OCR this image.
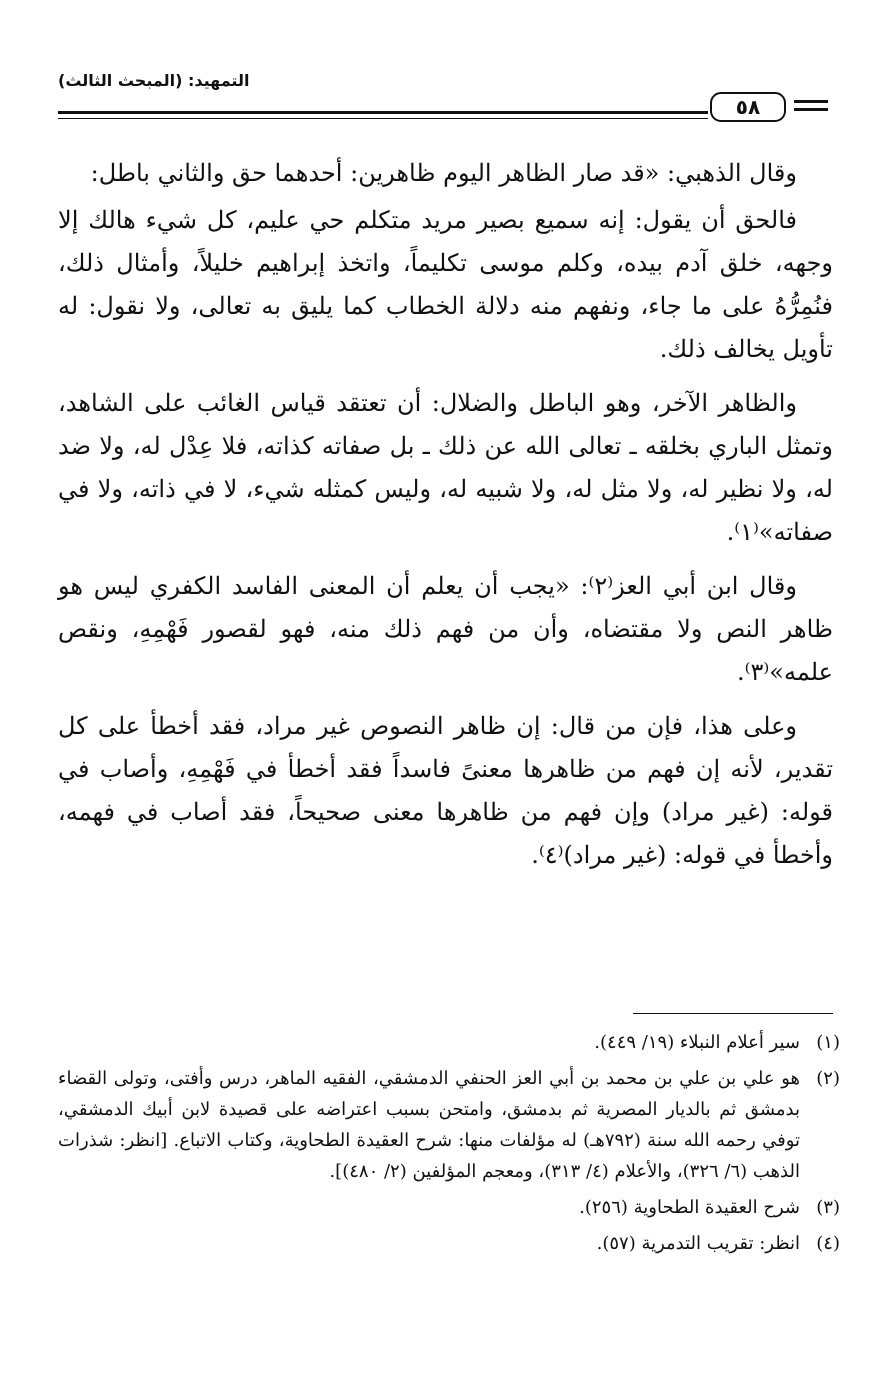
التمهيد: (المبحث الثالث)
٥٨

وقال الذهبي: «قد صار الظاهر اليوم ظاهرين: أحدهما حق والثاني باطل:

فالحق أن يقول: إنه سميع بصير مريد متكلم حي عليم، كل شيء هالك إلا وجهه، خلق آدم بيده، وكلم موسى تكليماً، واتخذ إبراهيم خليلاً، وأمثال ذلك، فنُمِرُّهُ على ما جاء، ونفهم منه دلالة الخطاب كما يليق به تعالى، ولا نقول: له تأويل يخالف ذلك.

والظاهر الآخر، وهو الباطل والضلال: أن تعتقد قياس الغائب على الشاهد، وتمثل الباري بخلقه ـ تعالى الله عن ذلك ـ بل صفاته كذاته، فلا عِدْل له، ولا ضد له، ولا نظير له، ولا مثل له، ولا شبيه له، وليس كمثله شيء، لا في ذاته، ولا في صفاته»⁽١⁾.

وقال ابن أبي العز⁽٢⁾: «يجب أن يعلم أن المعنى الفاسد الكفري ليس هو ظاهر النص ولا مقتضاه، وأن من فهم ذلك منه، فهو لقصور فَهْمِهِ، ونقص علمه»⁽٣⁾.

وعلى هذا، فإن من قال: إن ظاهر النصوص غير مراد، فقد أخطأ على كل تقدير، لأنه إن فهم من ظاهرها معنىً فاسداً فقد أخطأ في فَهْمِهِ، وأصاب في قوله: (غير مراد) وإن فهم من ظاهرها معنى صحيحاً، فقد أصاب في فهمه، وأخطأ في قوله: (غير مراد)⁽٤⁾.

(١)
سير أعلام النبلاء (١٩/ ٤٤٩).
(٢)
هو علي بن علي بن محمد بن أبي العز الحنفي الدمشقي، الفقيه الماهر، درس وأفتى، وتولى القضاء بدمشق ثم بالديار المصرية ثم بدمشق، وامتحن بسبب اعتراضه على قصيدة لابن أبيك الدمشقي، توفي رحمه الله سنة (٧٩٢هـ) له مؤلفات منها: شرح العقيدة الطحاوية، وكتاب الاتباع. [انظر: شذرات الذهب (٦/ ٣٢٦)، والأعلام (٤/ ٣١٣)، ومعجم المؤلفين (٢/ ٤٨٠)].
(٣)
شرح العقيدة الطحاوية (٢٥٦).
(٤)
انظر: تقريب التدمرية (٥٧).
